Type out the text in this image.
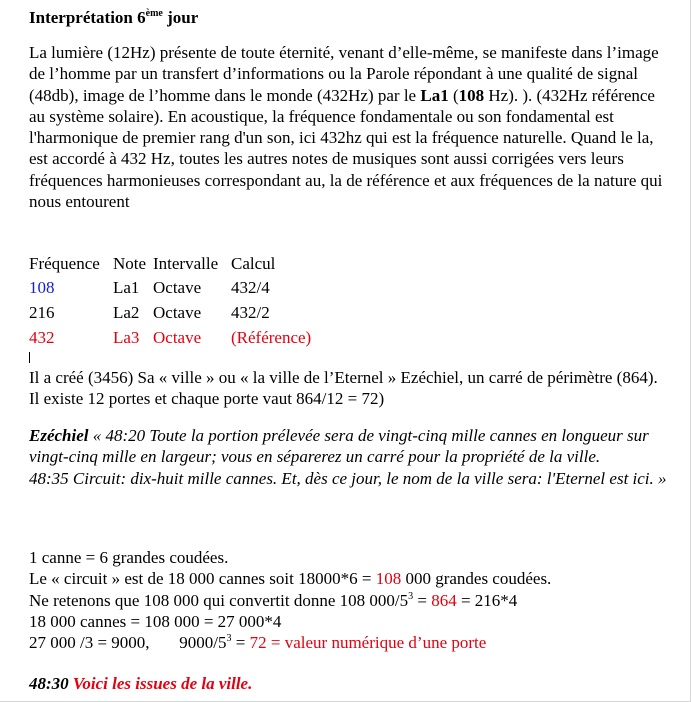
Interprétation 6ème jour

La lumière (12Hz) présente de toute éternité, venant d’elle-même, se manifeste dans l’image de l’homme par un transfert d’informations ou la Parole répondant à une qualité de signal (48db), image de l’homme dans le monde (432Hz) par le La1 (108 Hz). ). (432Hz référence au système solaire). En acoustique, la fréquence fondamentale ou son fondamental est l'harmonique de premier rang d'un son, ici 432hz qui est la fréquence naturelle. Quand le la, est accordé à 432 Hz, toutes les autres notes de musiques sont aussi corrigées vers leurs fréquences harmonieuses correspondant au, la de référence et aux fréquences de la nature qui nous entourent

Fréquence	Note	Intervalle	Calcul
108	La1	Octave	432/4
216	La2	Octave	432/2
432	La3	Octave	(Référence)

Il a créé (3456) Sa « ville » ou « la ville de l’Eternel » Ezéchiel, un carré de périmètre (864). Il existe 12 portes et chaque porte vaut 864/12 = 72)

Ezéchiel « 48:20 Toute la portion prélevée sera de vingt-cinq mille cannes en longueur sur vingt-cinq mille en largeur; vous en séparerez un carré pour la propriété de la ville.
48:35 Circuit: dix-huit mille cannes. Et, dès ce jour, le nom de la ville sera: l'Eternel est ici. »

1 canne = 6 grandes coudées.
Le « circuit » est de 18 000 cannes soit 18000*6 = 108 000 grandes coudées.
Ne retenons que 108 000 qui convertit donne 108 $000/5^3 = 864 = 216*4$
18 000 cannes = 108 000 = 27 000*4
27 000 /3 = 9000,       $9000/5^3 = 72$ = valeur numérique d’une porte

48:30 Voici les issues de la ville.
